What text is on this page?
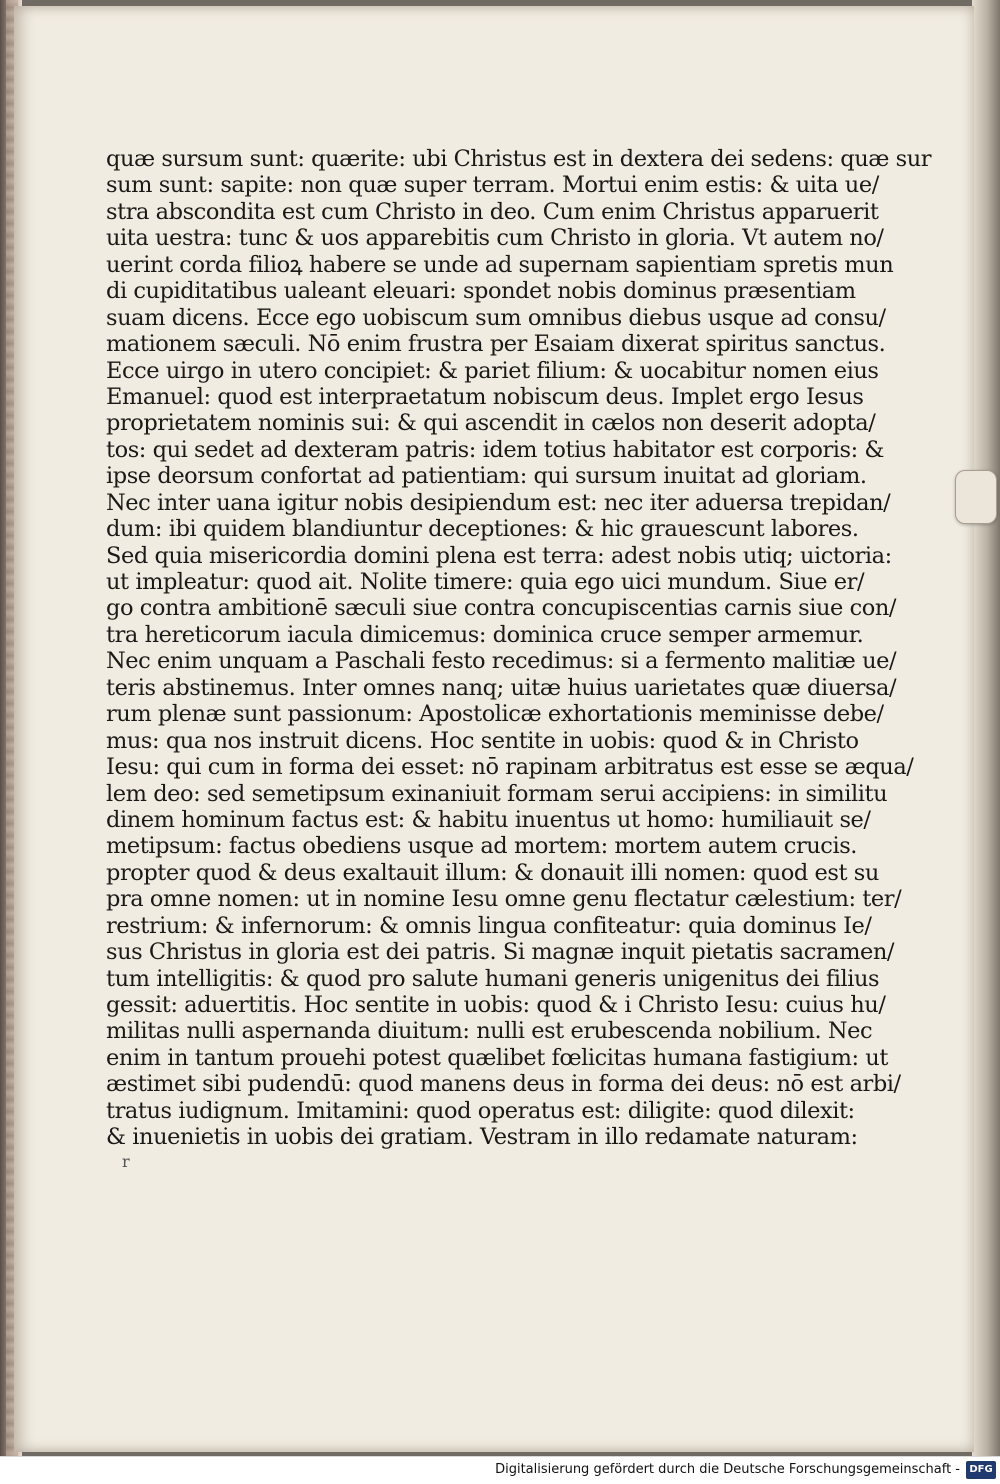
quæ sursum sunt: quærite: ubi Christus est in dextera dei sedens: quæ sur
sum sunt: sapite: non quæ super terram. Mortui enim estis: & uita ue/
stra abscondita est cum Christo in deo. Cum enim Christus apparuerit
uita uestra: tunc & uos apparebitis cum Christo in gloria. Vt autem no/
uerint corda filioꝝ habere se unde ad supernam sapientiam spretis mun
di cupiditatibus ualeant eleuari: spondet nobis dominus præsentiam
suam dicens. Ecce ego uobiscum sum omnibus diebus usque ad consu/
mationem sæculi. Nō enim frustra per Esaiam dixerat spiritus sanctus.
Ecce uirgo in utero concipiet: & pariet filium: & uocabitur nomen eius
Emanuel: quod est interpraetatum nobiscum deus. Implet ergo Iesus
proprietatem nominis sui: & qui ascendit in cælos non deserit adopta/
tos: qui sedet ad dexteram patris: idem totius habitator est corporis: &
ipse deorsum confortat ad patientiam: qui sursum inuitat ad gloriam.
Nec inter uana igitur nobis desipiendum est: nec iter aduersa trepidan/
dum: ibi quidem blandiuntur deceptiones: & hic grauescunt labores.
Sed quia misericordia domini plena est terra: adest nobis utiq; uictoria:
ut impleatur: quod ait. Nolite timere: quia ego uici mundum. Siue er/
go contra ambitionē sæculi siue contra concupiscentias carnis siue con/
tra hereticorum iacula dimicemus: dominica cruce semper armemur.
Nec enim unquam a Paschali festo recedimus: si a fermento malitiæ ue/
teris abstinemus. Inter omnes nanq; uitæ huius uarietates quæ diuersa/
rum plenæ sunt passionum: Apostolicæ exhortationis meminisse debe/
mus: qua nos instruit dicens. Hoc sentite in uobis: quod & in Christo
Iesu: qui cum in forma dei esset: nō rapinam arbitratus est esse se æqua/
lem deo: sed semetipsum exinaniuit formam serui accipiens: in similitu
dinem hominum factus est: & habitu inuentus ut homo: humiliauit se/
metipsum: factus obediens usque ad mortem: mortem autem crucis.
propter quod & deus exaltauit illum: & donauit illi nomen: quod est su
pra omne nomen: ut in nomine Iesu omne genu flectatur cælestium: ter/
restrium: & infernorum: & omnis lingua confiteatur: quia dominus Ie/
sus Christus in gloria est dei patris. Si magnæ inquit pietatis sacramen/
tum intelligitis: & quod pro salute humani generis unigenitus dei filius
gessit: aduertitis. Hoc sentite in uobis: quod & i Christo Iesu: cuius hu/
militas nulli aspernanda diuitum: nulli est erubescenda nobilium. Nec
enim in tantum prouehi potest quælibet fœlicitas humana fastigium: ut
æstimet sibi pudendū: quod manens deus in forma dei deus: nō est arbi/
tratus iudignum. Imitamini: quod operatus est: diligite: quod dilexit:
& inuenietis in uobis dei gratiam. Vestram in illo redamate naturam:
r
Digitalisierung gefördert durch die Deutsche Forschungsgemeinschaft - DFG
